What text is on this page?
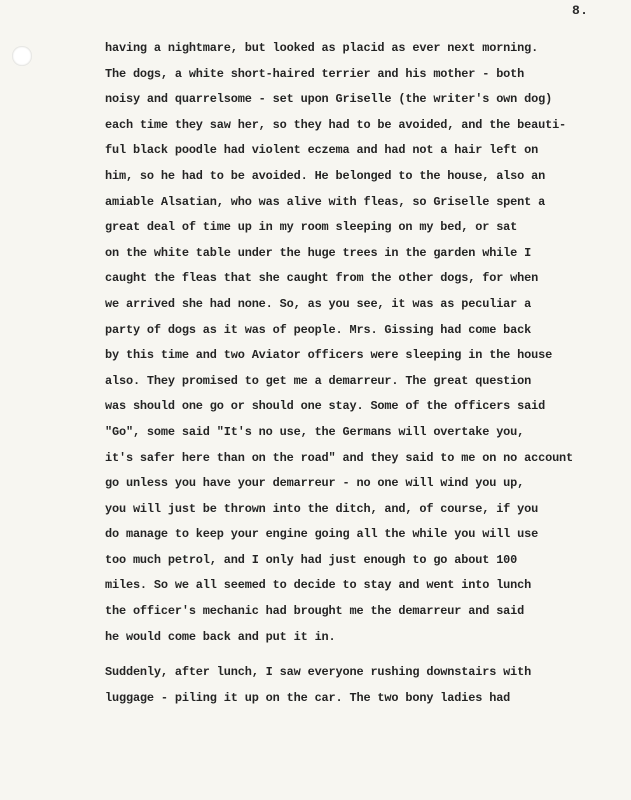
8.
having a nightmare, but looked as placid as ever next morning.
The dogs, a white short-haired terrier and his mother - both
noisy and quarrelsome - set upon Griselle (the writer's own dog)
each time they saw her, so they had to be avoided, and the beauti-
ful black poodle had violent eczema and had not a hair left on
him, so he had to be avoided. He belonged to the house, also an
amiable Alsatian, who was alive with fleas, so Griselle spent a
great deal of time up in my room sleeping on my bed, or sat
on the white table under the huge trees in the garden while I
caught the fleas that she caught from the other dogs, for when
we arrived she had none. So, as you see, it was as peculiar a
party of dogs as it was of people. Mrs. Gissing had come back
by this time and two Aviator officers were sleeping in the house
also. They promised to get me a demarreur. The great question
was should one go or should one stay. Some of the officers said
"Go", some said "It's no use, the Germans will overtake you,
it's safer here than on the road" and they said to me on no account
go unless you have your demarreur - no one will wind you up,
you will just be thrown into the ditch, and, of course, if you
do manage to keep your engine going all the while you will use
too much petrol, and I only had just enough to go about 100
miles. So we all seemed to decide to stay and went into lunch
the officer's mechanic had brought me the demarreur and said
he would come back and put it in.
Suddenly, after lunch, I saw everyone rushing downstairs with
luggage - piling it up on the car. The two bony ladies had
